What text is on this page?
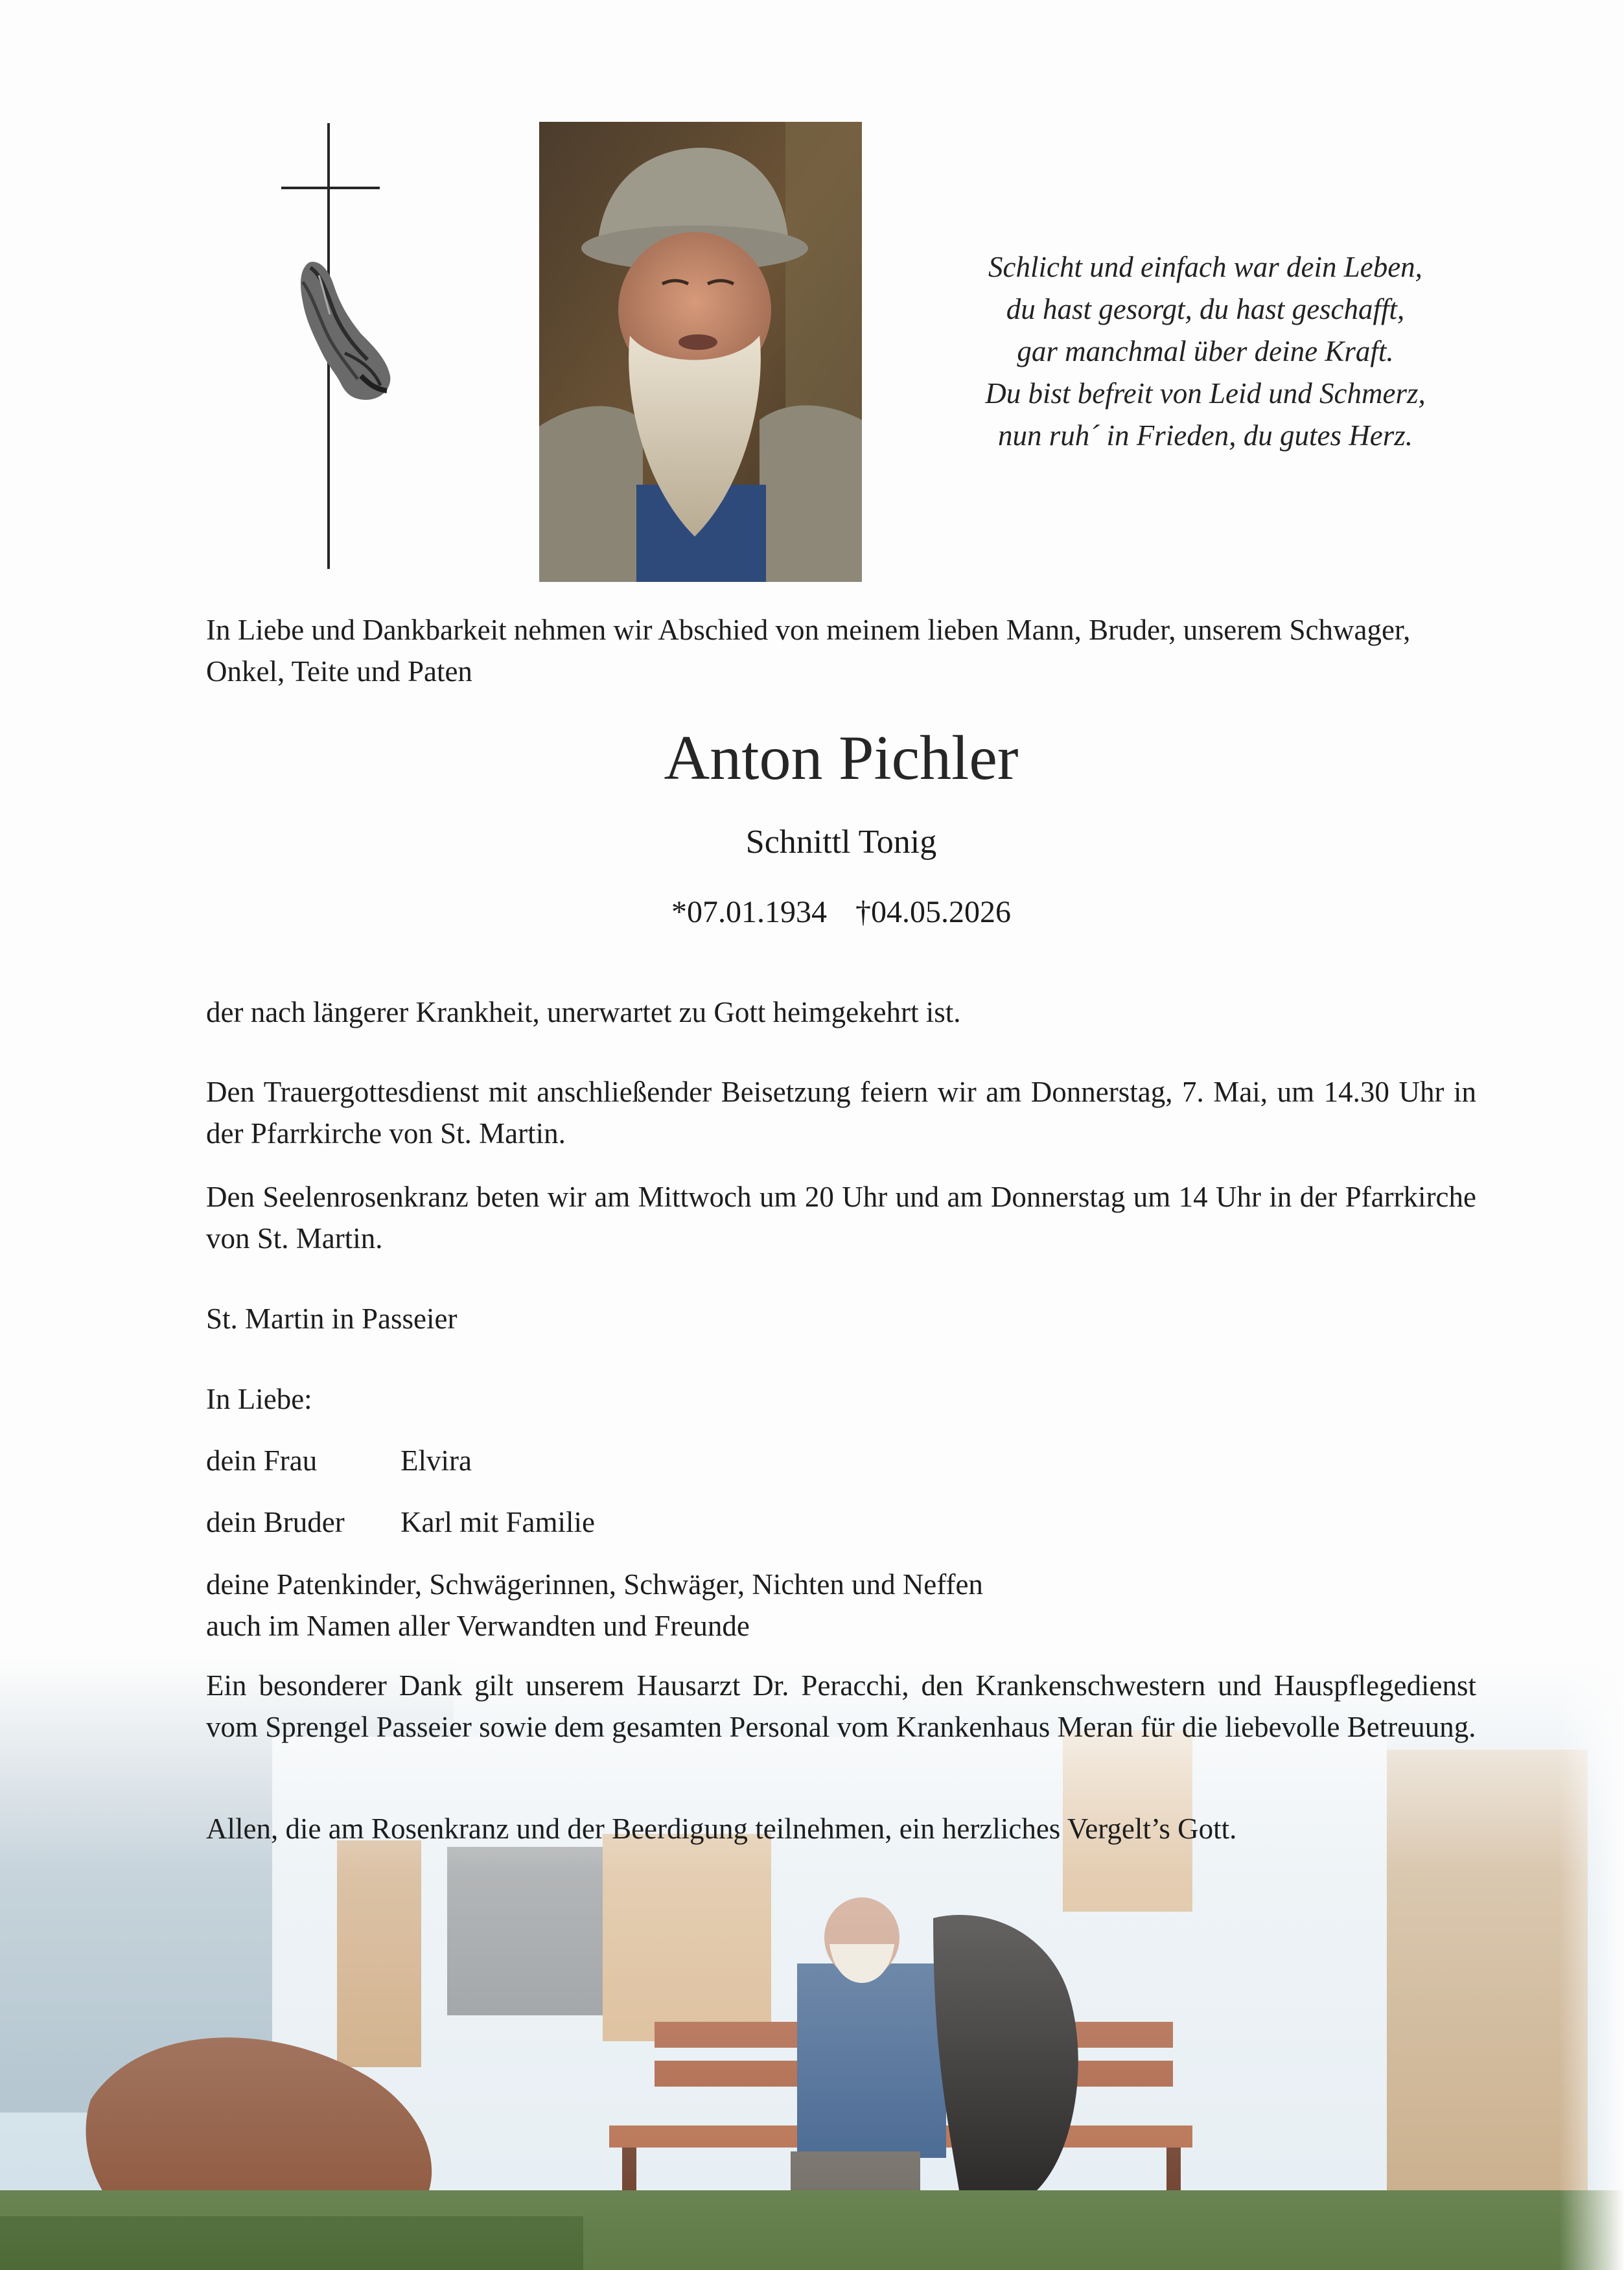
Schlicht und einfach war dein Leben,
du hast gesorgt, du hast geschafft,
gar manchmal über deine Kraft.
Du bist befreit von Leid und Schmerz,
nun ruh´ in Frieden, du gutes Herz.
In Liebe und Dankbarkeit nehmen wir Abschied von meinem lieben Mann, Bruder, unserem Schwager, Onkel, Teite und Paten
Anton Pichler
Schnittl Tonig
*07.01.1934 †04.05.2026
der nach längerer Krankheit, unerwartet zu Gott heimgekehrt ist.
Den Trauergottesdienst mit anschließender Beisetzung feiern wir am Donnerstag, 7. Mai, um 14.30 Uhr in der Pfarrkirche von St. Martin.
Den Seelenrosenkranz beten wir am Mittwoch um 20 Uhr und am Donnerstag um 14 Uhr in der Pfarrkirche von St. Martin.
St. Martin in Passeier
In Liebe:
dein Frau	Elvira
dein Bruder Karl mit Familie
deine Patenkinder, Schwägerinnen, Schwäger, Nichten und Neffen
auch im Namen aller Verwandten und Freunde
Ein besonderer Dank gilt unserem Hausarzt Dr. Peracchi, den Krankenschwestern und Hauspflegedienst vom Sprengel Passeier sowie dem gesamten Personal vom Krankenhaus Meran für die liebevolle Betreuung.
Allen, die am Rosenkranz und der Beerdigung teilnehmen, ein herzliches Vergelt’s Gott.
